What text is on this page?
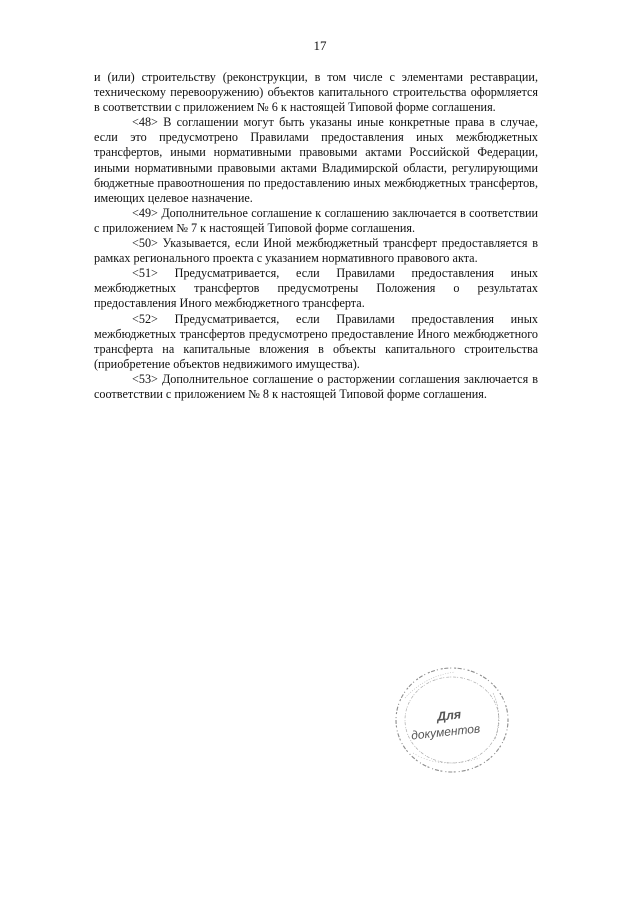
17

и (или) строительству (реконструкции, в том числе с элементами реставрации, техническому перевооружению) объектов капитального строительства оформляется в соответствии с приложением № 6 к настоящей Типовой форме соглашения.

<48> В соглашении могут быть указаны иные конкретные права в случае, если это предусмотрено Правилами предоставления иных межбюджетных трансфертов, иными нормативными правовыми актами Российской Федерации, иными нормативными правовыми актами Владимирской области, регулирующими бюджетные правоотношения по предоставлению иных межбюджетных трансфертов, имеющих целевое назначение.

<49> Дополнительное соглашение к соглашению заключается в соответствии с приложением № 7 к настоящей Типовой форме соглашения.

<50> Указывается, если Иной межбюджетный трансферт предоставляется в рамках регионального проекта с указанием нормативного правового акта.

<51> Предусматривается, если Правилами предоставления иных межбюджетных трансфертов предусмотрены Положения о результатах предоставления Иного межбюджетного трансферта.

<52> Предусматривается, если Правилами предоставления иных межбюджетных трансфертов предусмотрено предоставление Иного межбюджетного трансферта на капитальные вложения в объекты капитального строительства (приобретение объектов недвижимого имущества).

<53> Дополнительное соглашение о расторжении соглашения заключается в соответствии с приложением № 8 к настоящей Типовой форме соглашения.

Для
документов
